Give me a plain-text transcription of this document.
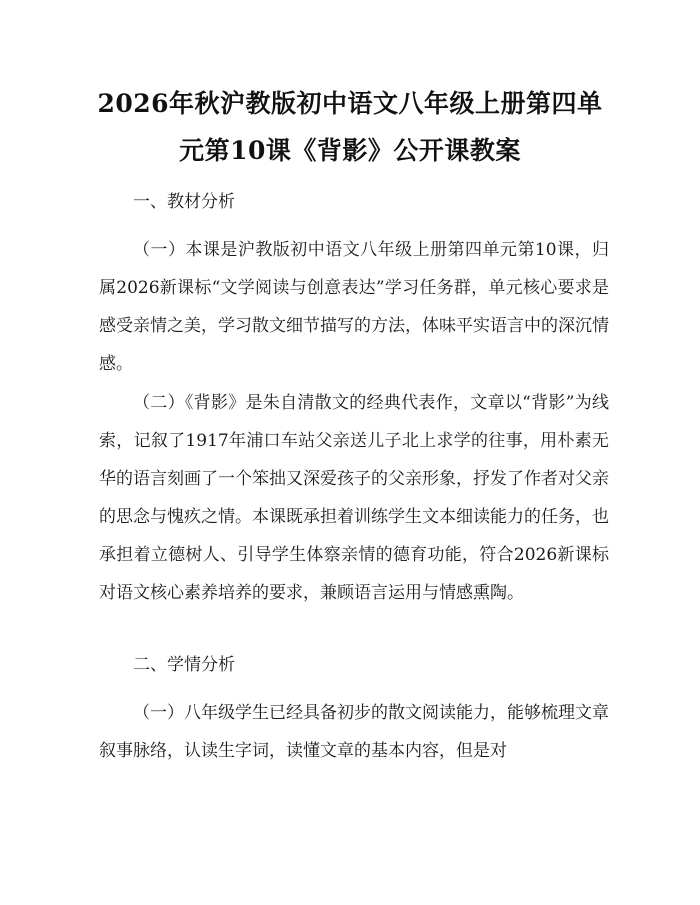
2026年秋沪教版初中语文八年级上册第四单
元第10课《背影》公开课教案
一、教材分析

（一）本课是沪教版初中语文八年级上册第四单元第10课，归属2026新课标“文学阅读与创意表达”学习任务群，单元核心要求是感受亲情之美，学习散文细节描写的方法，体味平实语言中的深沉情感。

（二）《背影》是朱自清散文的经典代表作，文章以“背影”为线索，记叙了1917年浦口车站父亲送儿子北上求学的往事，用朴素无华的语言刻画了一个笨拙又深爱孩子的父亲形象，抒发了作者对父亲的思念与愧疚之情。本课既承担着训练学生文本细读能力的任务，也承担着立德树人、引导学生体察亲情的德育功能，符合2026新课标对语文核心素养培养的要求，兼顾语言运用与情感熏陶。

二、学情分析

（一）八年级学生已经具备初步的散文阅读能力，能够梳理文章叙事脉络，认读生字词，读懂文章的基本内容，但是对
